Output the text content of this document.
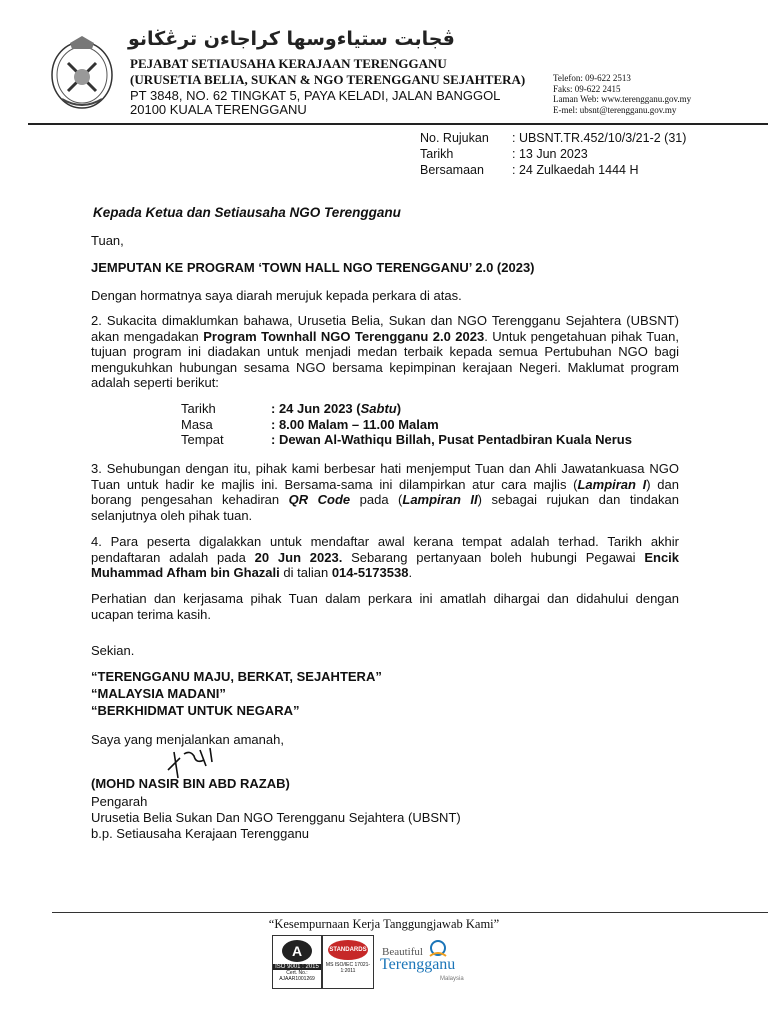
ڤجابت ستياءوسها كراجاءن ترڠڬانو
PEJABAT SETIAUSAHA KERAJAAN TERENGGANU
(URUSETIA BELIA, SUKAN & NGO TERENGGANU SEJAHTERA)
PT 3848, NO. 62 TINGKAT 5, PAYA KELADI, JALAN BANGGOL
20100 KUALA TERENGGANU
Telefon: 09-622 2513
Faks: 09-622 2415
Laman Web: www.terengganu.gov.my
E-mel: ubsnt@terengganu.gov.my
No. Rujukan	: UBSNT.TR.452/10/3/21-2 (31)
Tarikh	: 13 Jun 2023
Bersamaan	: 24 Zulkaedah 1444 H
Kepada Ketua dan Setiausaha NGO Terengganu
Tuan,
JEMPUTAN KE PROGRAM ‘TOWN HALL NGO TERENGGANU’ 2.0 (2023)
Dengan hormatnya saya diarah merujuk kepada perkara di atas.
2. Sukacita dimaklumkan bahawa, Urusetia Belia, Sukan dan NGO Terengganu Sejahtera (UBSNT) akan mengadakan Program Townhall NGO Terengganu 2.0 2023. Untuk pengetahuan pihak Tuan, tujuan program ini diadakan untuk menjadi medan terbaik kepada semua Pertubuhan NGO bagi mengukuhkan hubungan sesama NGO bersama kepimpinan kerajaan Negeri. Maklumat program adalah seperti berikut:
Tarikh	: 24 Jun 2023 (Sabtu)
Masa	: 8.00 Malam – 11.00 Malam
Tempat	: Dewan Al-Wathiqu Billah, Pusat Pentadbiran Kuala Nerus
3. Sehubungan dengan itu, pihak kami berbesar hati menjemput Tuan dan Ahli Jawatankuasa NGO Tuan untuk hadir ke majlis ini. Bersama-sama ini dilampirkan atur cara majlis (Lampiran I) dan borang pengesahan kehadiran QR Code pada (Lampiran II) sebagai rujukan dan tindakan selanjutnya oleh pihak tuan.
4. Para peserta digalakkan untuk mendaftar awal kerana tempat adalah terhad. Tarikh akhir pendaftaran adalah pada 20 Jun 2023. Sebarang pertanyaan boleh hubungi Pegawai Encik Muhammad Afham bin Ghazali di talian 014-5173538.
Perhatian dan kerjasama pihak Tuan dalam perkara ini amatlah dihargai dan didahului dengan ucapan terima kasih.
Sekian.
“TERENGGANU MAJU, BERKAT, SEJAHTERA”
“MALAYSIA MADANI”
“BERKHIDMAT UNTUK NEGARA”
Saya yang menjalankan amanah,
(MOHD NASIR BIN ABD RAZAB)
Pengarah
Urusetia Belia Sukan Dan NGO Terengganu Sejahtera (UBSNT)
b.p. Setiausaha Kerajaan Terengganu
“Kesempurnaan Kerja Tanggungjawab Kami”
A
ISO 9001 : 2015
Cert. No.: AJAAR1001269
STANDARDS
MS ISO/IEC 17021-1:2011
Beautiful
Terengganu
Malaysia
